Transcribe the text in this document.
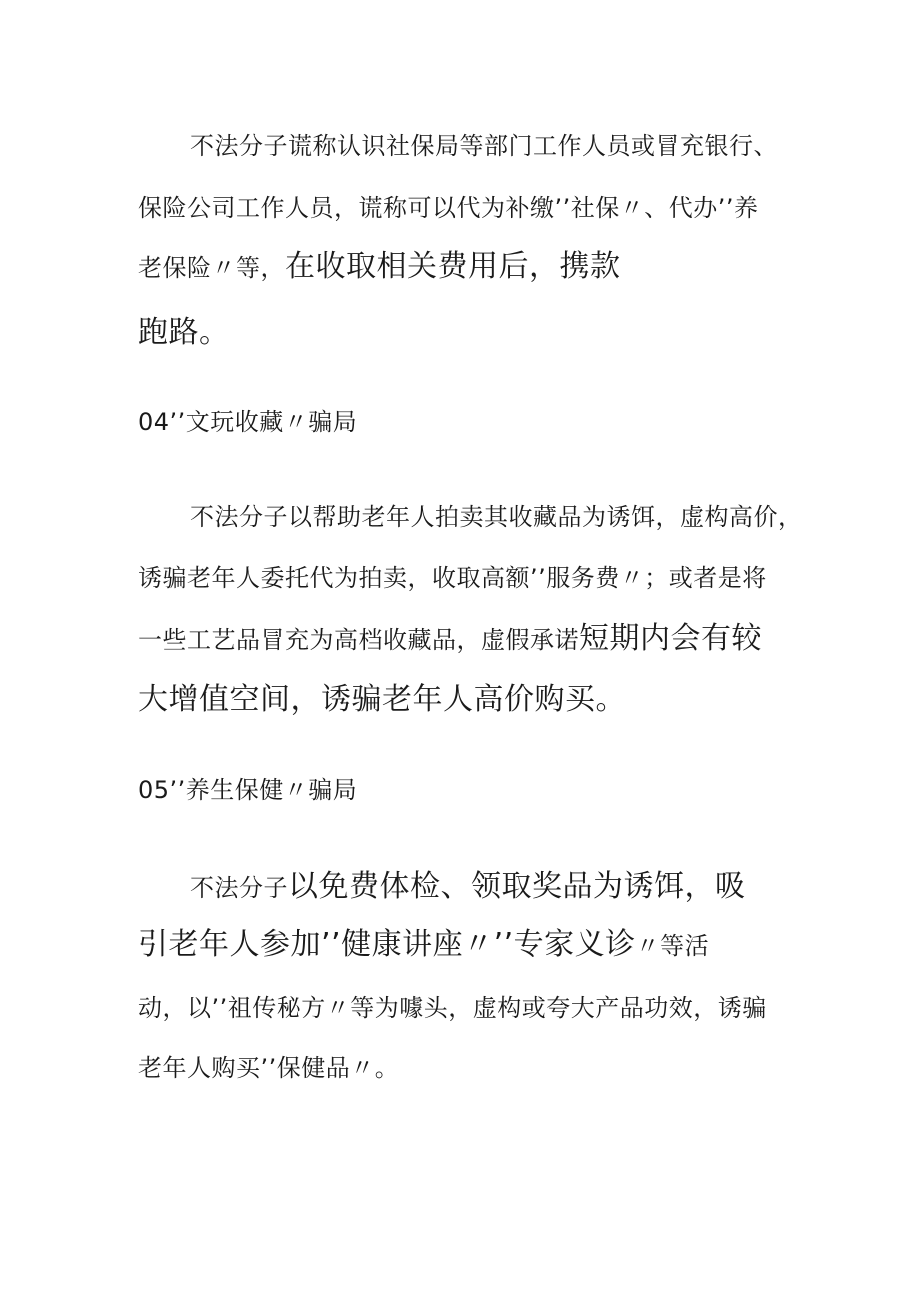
不法分子谎称认识社保局等部门工作人员或冒充银行、
保险公司工作人员，谎称可以代为补缴’’社保〃、代办’’养
老保险〃等，在收取相关费用后，携款
跑路。
04’’文玩收藏〃骗局
不法分子以帮助老年人拍卖其收藏品为诱饵，虚构高价，
诱骗老年人委托代为拍卖，收取高额’’服务费〃；或者是将
一些工艺品冒充为高档收藏品，虚假承诺短期内会有较
大增值空间，诱骗老年人高价购买。
05’’养生保健〃骗局
不法分子以免费体检、领取奖品为诱饵，吸
引老年人参加’’健康讲座〃’’专家义诊〃等活
动，以’’祖传秘方〃等为噱头，虚构或夸大产品功效，诱骗
老年人购买’’保健品〃。
